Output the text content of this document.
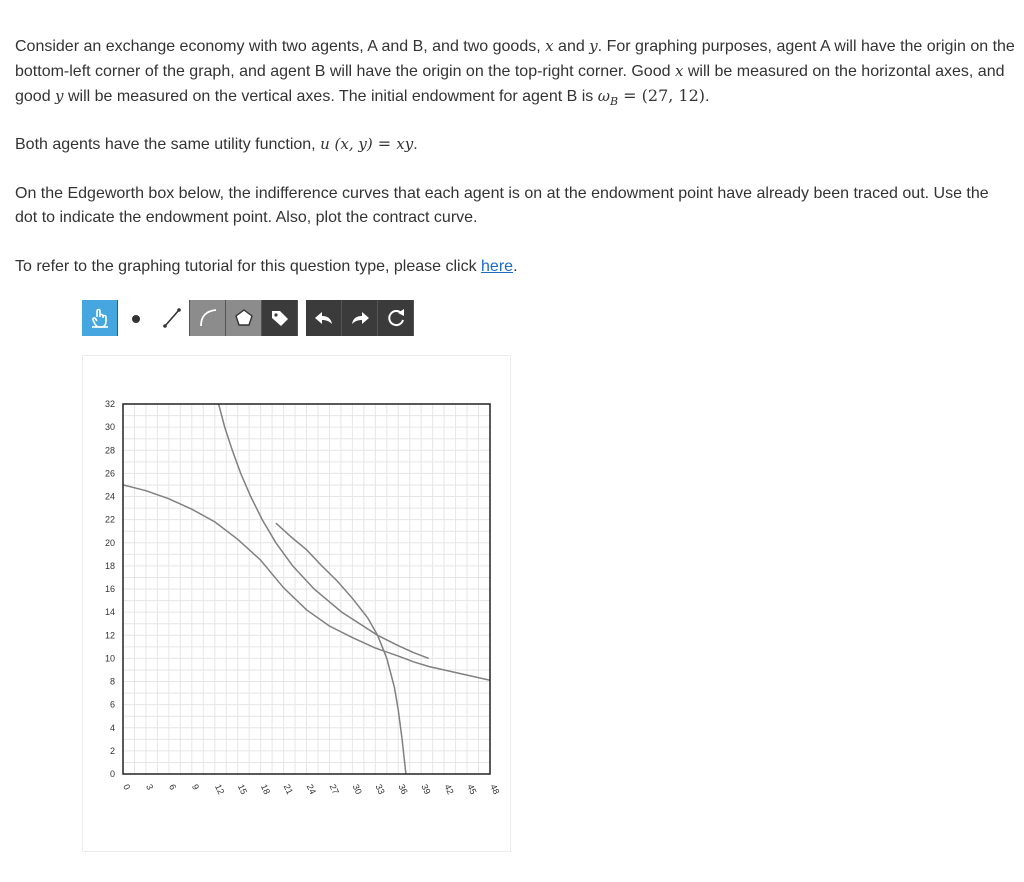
Consider an exchange economy with two agents, A and B, and two goods, x and y. For graphing purposes, agent A will have the origin on the bottom-left corner of the graph, and agent B will have the origin on the top-right corner. Good x will be measured on the horizontal axes, and good y will be measured on the vertical axes. The initial endowment for agent B is $\omega_B = (27$, 12).
Both agents have the same utility function, u (x, y) = xy.
On the Edgeworth box below, the indifference curves that each agent is on at the endowment point have already been traced out. Use the dot to indicate the endowment point. Also, plot the contract curve.
To refer to the graphing tutorial for this question type, please click here.
0
2
4
6
8
10
12
14
16
18
20
22
24
26
28
30
32
0 3 6 9 12 15 18 21 24 27 30 33 36 39 42 45 48
